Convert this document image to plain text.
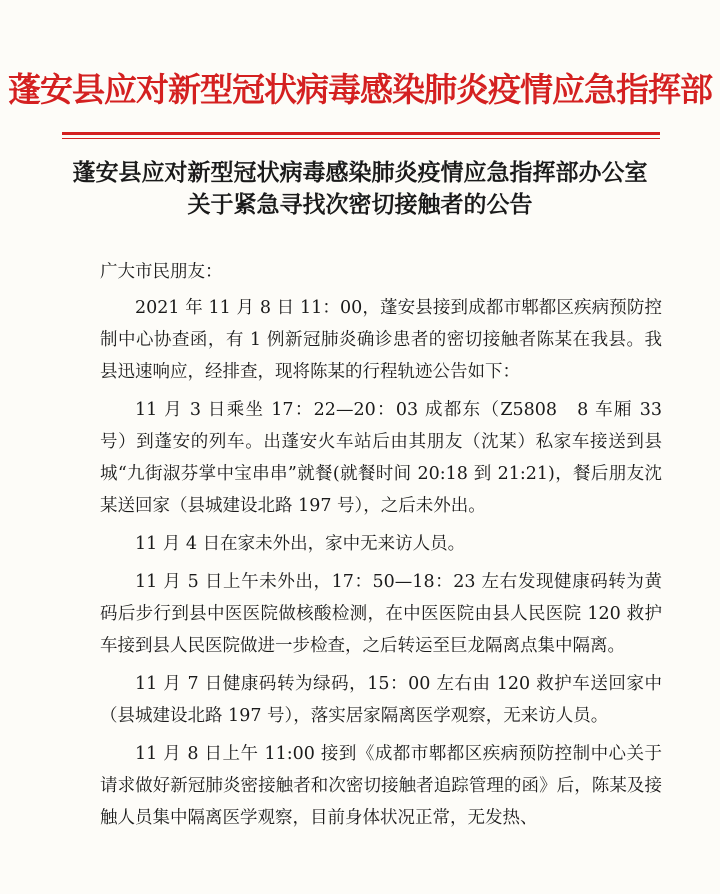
蓬安县应对新型冠状病毒感染肺炎疫情应急指挥部
蓬安县应对新型冠状病毒感染肺炎疫情应急指挥部办公室
关于紧急寻找次密切接触者的公告
广大市民朋友：

2021 年 11 月 8 日 11：00，蓬安县接到成都市郫都区疾病预防控制中心协查函，有 1 例新冠肺炎确诊患者的密切接触者陈某在我县。我县迅速响应，经排查，现将陈某的行程轨迹公告如下：

11 月 3 日乘坐 17：22—20：03 成都东（Z5808　8 车厢 33 号）到蓬安的列车。出蓬安火车站后由其朋友（沈某）私家车接送到县城“九街淑芬掌中宝串串”就餐(就餐时间 20:18 到 21:21)，餐后朋友沈某送回家（县城建设北路 197 号），之后未外出。

11 月 4 日在家未外出，家中无来访人员。

11 月 5 日上午未外出，17：50—18：23 左右发现健康码转为黄码后步行到县中医医院做核酸检测，在中医医院由县人民医院 120 救护车接到县人民医院做进一步检查，之后转运至巨龙隔离点集中隔离。

11 月 7 日健康码转为绿码，15：00 左右由 120 救护车送回家中（县城建设北路 197 号），落实居家隔离医学观察，无来访人员。

11 月 8 日上午 11:00 接到《成都市郫都区疾病预防控制中心关于请求做好新冠肺炎密接触者和次密切接触者追踪管理的函》后，陈某及接触人员集中隔离医学观察，目前身体状况正常，无发热、
